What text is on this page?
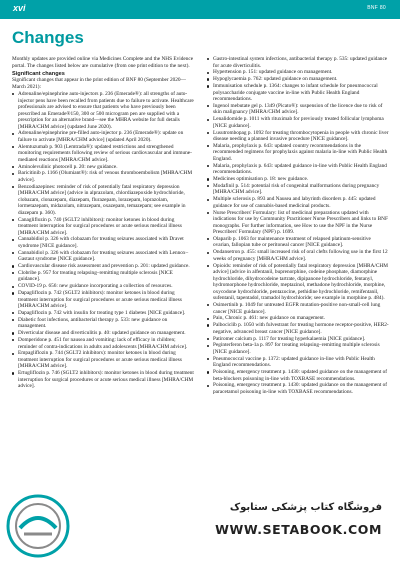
xvi	BNF 80
Changes

Monthly updates are provided online via Medicines Complete and the NHS Evidence portal. The changes listed below are cumulative (from one print edition to the next).

Significant changes

Significant changes that appear in the print edition of BNF 80 (September 2020—March 2021):

Adrenaline/epinephrine auto-injectors p. 236 (Emerade®): all strengths of auto-injector pens have been recalled from patients due to failure to activate. Healthcare professionals are advised to ensure that patients who have previously been prescribed an Emerade®150, 300 or 500 microgram pen are supplied with a prescription for an alternative brand—see the MHRA website for full details [MHRA/CHM advice] (updated June 2020).
Adrenaline/epinephrine pre-filled auto-injector p. 236 (Emerade®): update on failure to activate [MHRA/CHM advice] (updated April 2020).
Alemtuzumab p. 903 (Lemtrada®): updated restrictions and strengthened monitoring requirements following review of serious cardiovascular and immune-mediated reactions [MHRA/CHM advice].
Aminolevulinic photocell p. 20: new guidance.
Baricitinib p. 1166 (Olumiant®): risk of venous thromboembolism [MHRA/CHM advice].
Benzodiazepines: reminder of risk of potentially fatal respiratory depression [MHRA/CHM advice] (advice in alprazolam, chlordiazepoxide hydrochloride, clobazam, clonazepam, diazepam, flurazepam, lorazepam, loprazolam, lormetazepam, midazolam, nitrazepam, oxazepam, temazepam; see example in diazepam p. 360).
Canagliflozin p. 740 (SGLT2 inhibitors): monitor ketones in blood during treatment interruption for surgical procedures or acute serious medical illness [MHRA/CHM advice].
Cannabidiol p. 326 with clobazam for treating seizures associated with Dravet syndrome [NICE guidance].
Cannabidiol p. 326 with clobazam for treating seizures associated with Lennox–Gastaut syndrome [NICE guidance].
Cardiovascular disease risk assessment and prevention p. 201: updated guidance.
Clobribe p. 957 for treating relapsing–remitting multiple sclerosis [NICE guidance].
COVID-19 p. 656: new guidance incorporating a collection of resources.
Dapagliflozin p. 742 (SGLT2 inhibitors): monitor ketones in blood during treatment interruption for surgical procedures or acute serious medical illness [MHRA/CHM advice].
Dapagliflozin p. 742 with insulin for treating type 1 diabetes [NICE guidance].
Diabetic foot infections, antibacterial therapy p. 533: new guidance on management.
Diverticular disease and diverticulitis p. 40: updated guidance on management.
Domperidone p. 451 for nausea and vomiting: lack of efficacy in children; reminder of contra-indications in adults and adolescents [MHRA/CHM advice].
Empagliflozin p. 744 (SGLT2 inhibitors): monitor ketones in blood during treatment interruption for surgical procedures or acute serious medical illness [MHRA/CHM advice].
Ertugliflozin p. 746 (SGLT2 inhibitors): monitor ketones in blood during treatment interruption for surgical procedures or acute serious medical illness [MHRA/CHM advice].
Gastro-intestinal system infections, antibacterial therapy p. 535: updated guidance for acute diverticulitis.
Hypertension p. 151: updated guidance on management.
Hypoglycaemia p. 762: updated guidance on management.
Immunisation schedule p. 1364: changes to infant schedule for pneumococcal polysaccharide conjugate vaccine in-line with Public Health England recommendations.
Ingenol mebutate gel p. 1349 (Picato®): suspension of the licence due to risk of skin malignancy [MHRA/CHM advice].
Lenalidomide p. 1011 with rituximab for previously treated follicular lymphoma [NICE guidance].
Lusutrombopag p. 1092 for treating thrombocytopenia in people with chronic liver disease needing a planned invasive procedure [NICE guidance].
Malaria, prophylaxis p. 643: updated country recommendations in the recommended regimens for prophylaxis against malaria in-line with Public Health England.
Malaria, prophylaxis p. 643: updated guidance in-line with Public Health England recommendations.
Medicines optimisation p. 18: new guidance.
Modafinil p. 514: potential risk of congenital malformations during pregnancy [MHRA/CHM advice].
Multiple sclerosis p. 893 and Nausea and labyrinth disorders p. 445: updated guidance for use of cannabis-based medicinal products.
Nurse Prescribers' Formulary: list of medicinal preparations updated with indications for use by Community Practitioner Nurse Prescribers and links to BNF monographs. For further information, see How to use the NPF in the Nurse Prescribers' Formulary (NPF) p. 1699.
Olaparib p. 1063 for maintenance treatment of relapsed platinum-sensitive ovarian, fallopian tube or peritoneal cancer [NICE guidance].
Ondansetron p. 455: small increased risk of oral clefts following use in the first 12 weeks of pregnancy [MHRA/CHM advice].
Opioids: reminder of risk of potentially fatal respiratory depression [MHRA/CHM advice] (advice in alfentanil, buprenorphine, codeine phosphate, diamorphine hydrochloride, dihydrocodeine tartrate, dipipanone hydrochloride, fentanyl, hydromorphone hydrochloride, meptazinol, methadone hydrochloride, morphine, oxycodone hydrochloride, pentazocine, pethidine hydrochloride, remifentanil, sufentanil, tapentadol, tramadol hydrochloride; see example in morphine p. 484).
Osimertinib p. 1049 for untreated EGFR mutation-positive non-small-cell lung cancer [NICE guidance].
Pain, Chronic p. 461: new guidance on management.
Palbociclib p. 1050 with fulvestrant for treating hormone receptor-positive, HER2-negative, advanced breast cancer [NICE guidance].
Patiromer calcium p. 1117 for treating hyperkalaemia [NICE guidance].
Peginterferon beta-1a p. 897 for treating relapsing–remitting multiple sclerosis [NICE guidance].
Pneumococcal vaccine p. 1372: updated guidance in-line with Public Health England recommendations.
Poisoning, emergency treatment p. 1430: updated guidance on the management of beta-blockers poisoning in-line with TOXBASE recommendations.
Poisoning, emergency treatment p. 1430: updated guidance on the management of paracetamol poisoning in-line with TOXBASE recommendations.
فروشگاه کتاب پزشکی ستابوک
WWW.SETABOOK.COM
